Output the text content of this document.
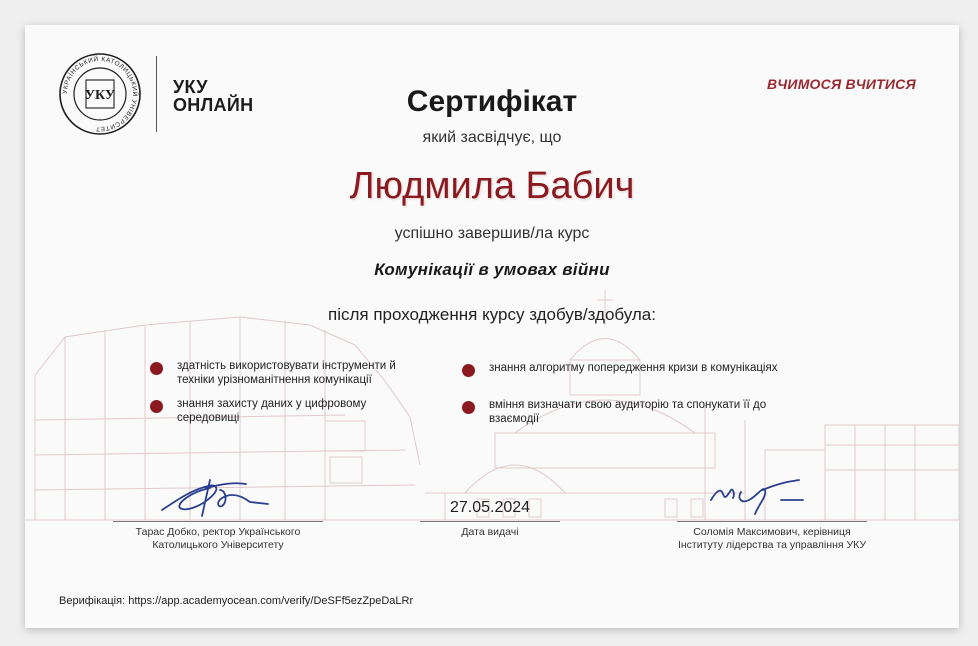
УКРАЇНСЬКИЙ КАТОЛИЦЬКИЙ УНІВЕРСИТЕТ
УКУ	УКУ
ОНЛАЙН
ВЧИМОСЯ ВЧИТИСЯ
Сертифікат
який засвідчує, що
Людмила Бабич
успішно завершив/ла курс
Комунікації в умовах війни
після проходження курсу здобув/здобула:
здатність використовувати інструменти й
техніки урізноманітнення комунікації
знання захисту даних у цифровому
середовищі
знання алгоритму попередження кризи в комунікаціях
вміння визначати свою аудиторію та спонукати її до
взаємодії
Тарас Добко, ректор Українського
Католицького Університету
27.05.2024
Дата видачі	Соломія Максимович, керівниця
Інституту лідерства та управління УКУ
Верифікація: https://app.academyocean.com/verify/DeSFf5ezZpeDaLRr
